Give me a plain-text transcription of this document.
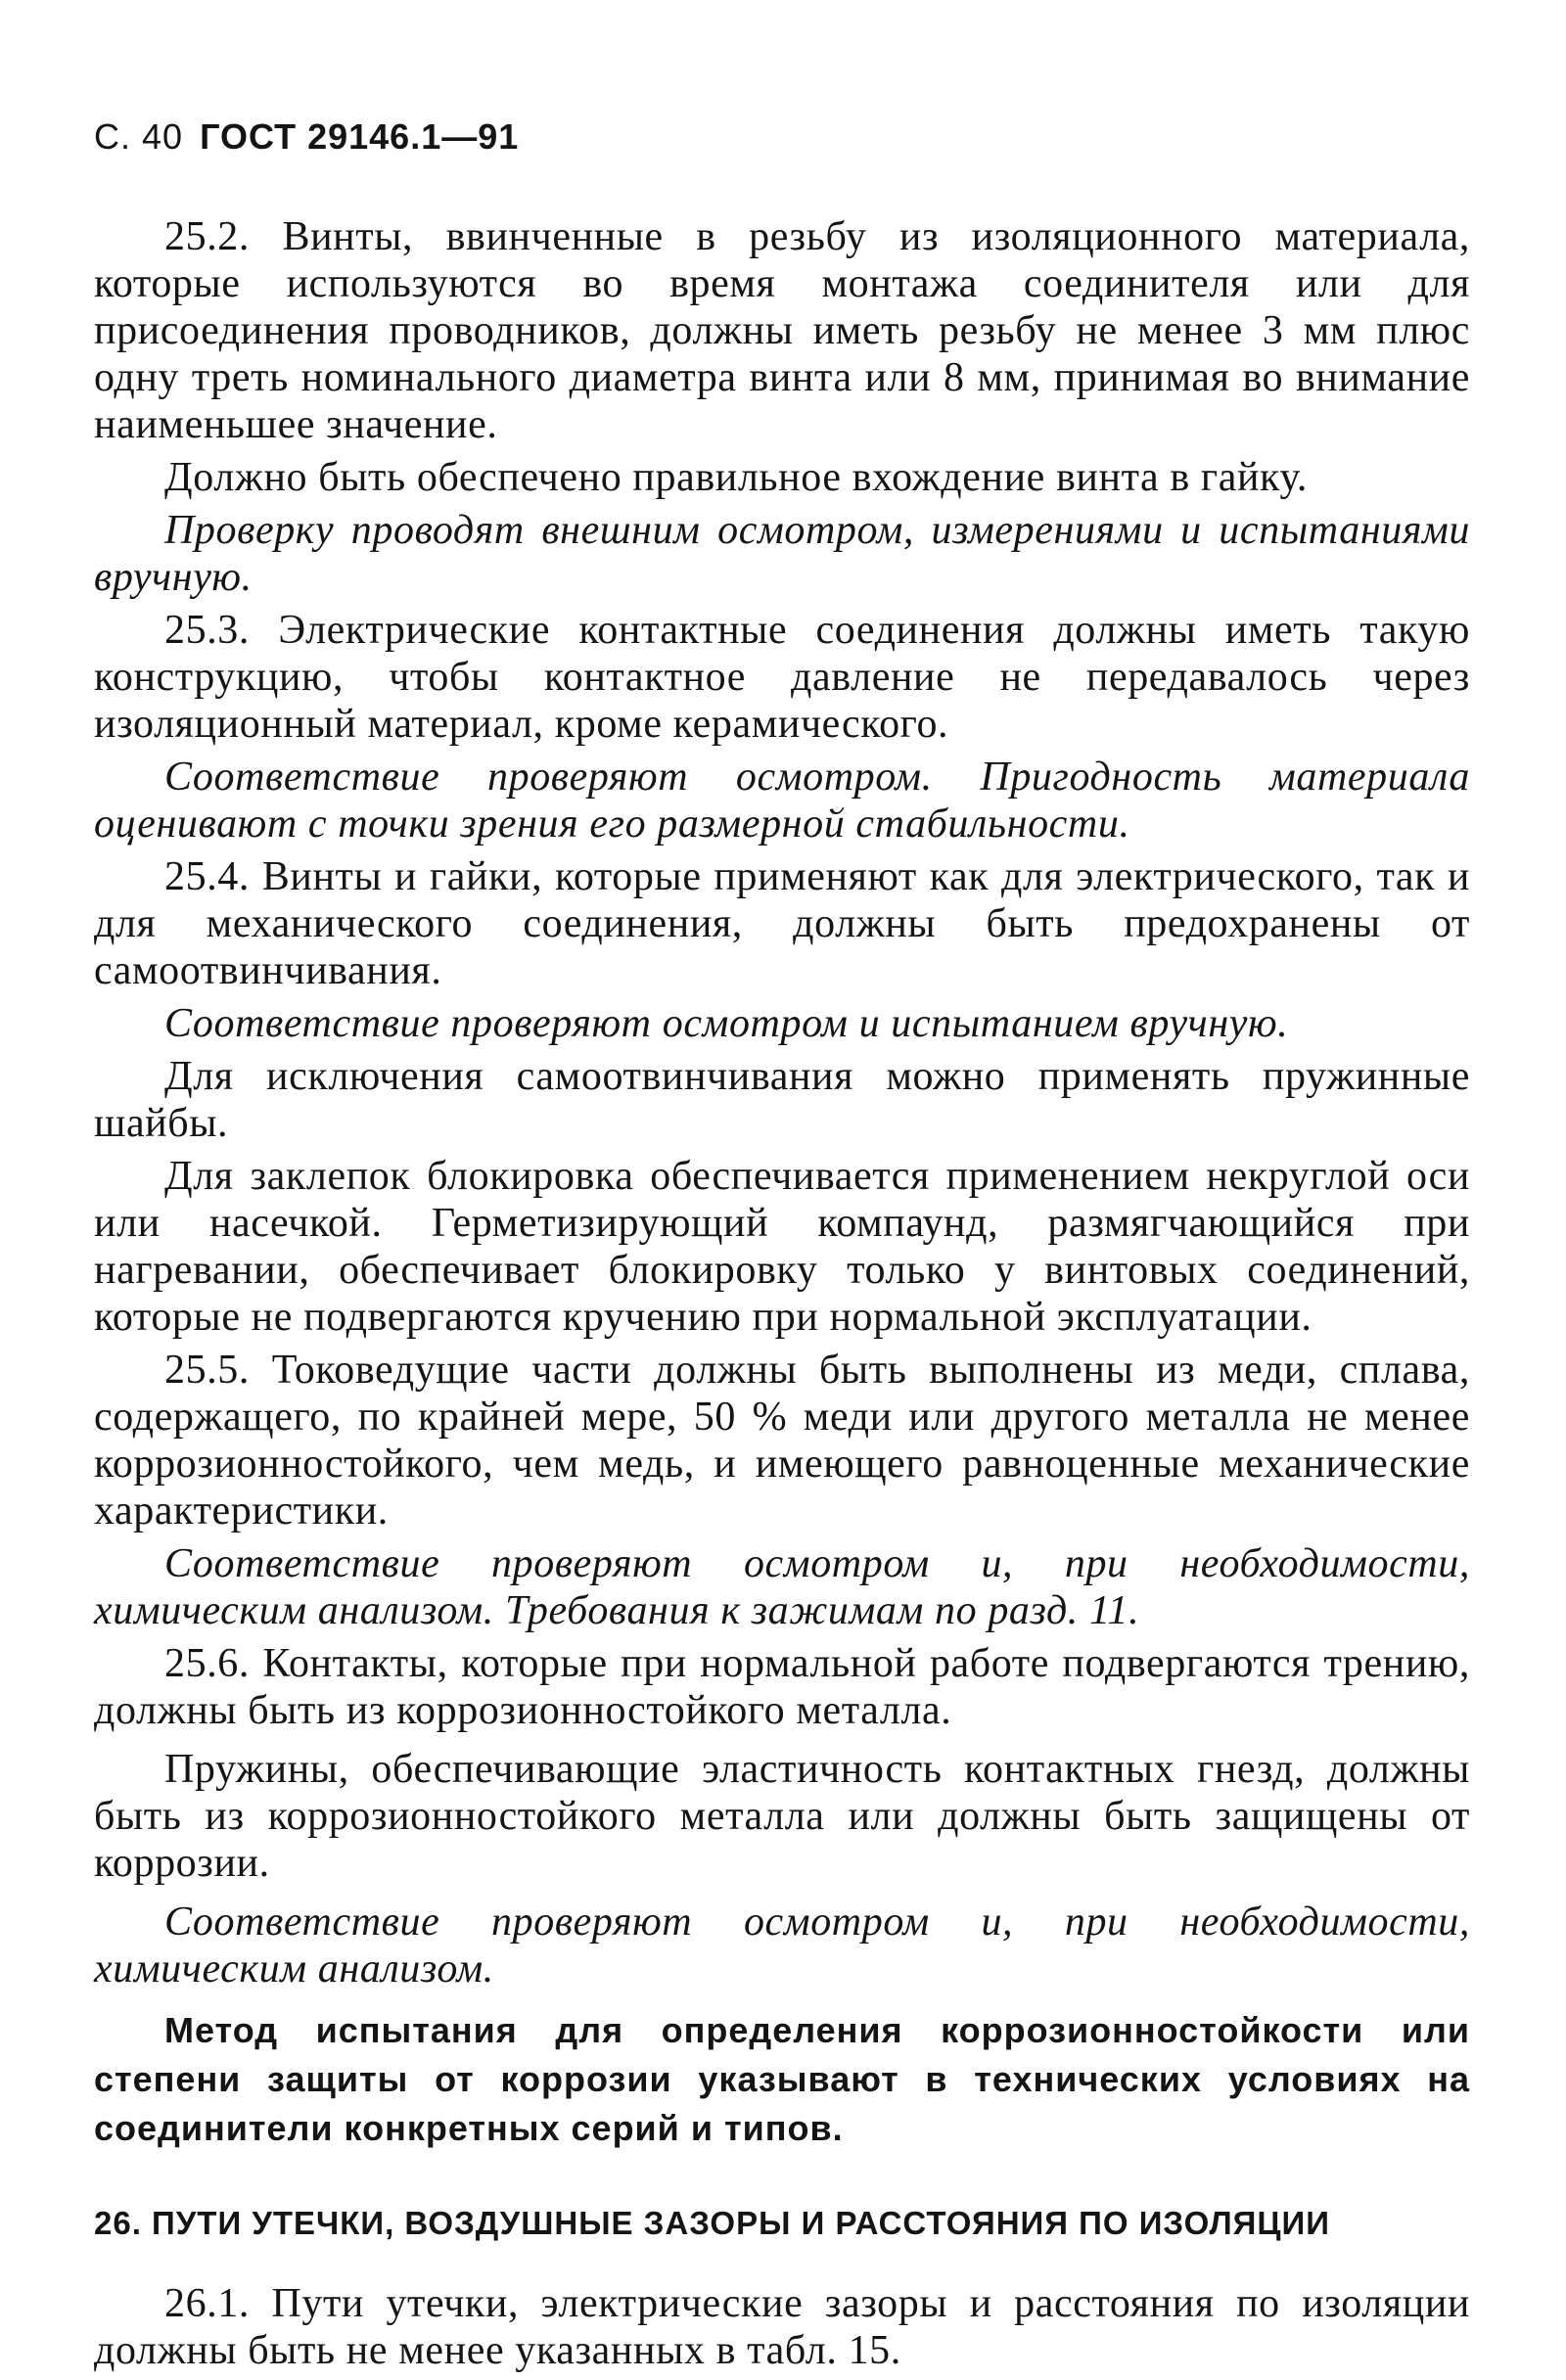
С. 40 ГОСТ 29146.1—91

25.2. Винты, ввинченные в резьбу из изоляционного материала, которые используются во время монтажа соединителя или для присоединения проводников, должны иметь резьбу не менее 3 мм плюс одну треть номинального диаметра винта или 8 мм, принимая во внимание наименьшее значение.

Должно быть обеспечено правильное вхождение винта в гайку.

Проверку проводят внешним осмотром, измерениями и испытаниями вручную.

25.3. Электрические контактные соединения должны иметь такую конструкцию, чтобы контактное давление не передавалось через изоляционный материал, кроме керамического.

Соответствие проверяют осмотром. Пригодность материала оценивают с точки зрения его размерной стабильности.

25.4. Винты и гайки, которые применяют как для электрического, так и для механического соединения, должны быть предохранены от самоотвинчивания.

Соответствие проверяют осмотром и испытанием вручную.

Для исключения самоотвинчивания можно применять пружинные шайбы.

Для заклепок блокировка обеспечивается применением некруглой оси или насечкой. Герметизирующий компаунд, размягчающийся при нагревании, обеспечивает блокировку только у винтовых соединений, которые не подвергаются кручению при нормальной эксплуатации.

25.5. Токоведущие части должны быть выполнены из меди, сплава, содержащего, по крайней мере, 50 % меди или другого металла не менее коррозионностойкого, чем медь, и имеющего равноценные механические характеристики.

Соответствие проверяют осмотром и, при необходимости, химическим анализом. Требования к зажимам по разд. 11.

25.6. Контакты, которые при нормальной работе подвергаются трению, должны быть из коррозионностойкого металла.

Пружины, обеспечивающие эластичность контактных гнезд, должны быть из коррозионностойкого металла или должны быть защищены от коррозии.

Соответствие проверяют осмотром и, при необходимости, химическим анализом.

Метод испытания для определения коррозионностойкости или степени защиты от коррозии указывают в технических условиях на соединители конкретных серий и типов.

26. ПУТИ УТЕЧКИ, ВОЗДУШНЫЕ ЗАЗОРЫ И РАССТОЯНИЯ ПО ИЗОЛЯЦИИ

26.1. Пути утечки, электрические зазоры и расстояния по изоляции должны быть не менее указанных в табл. 15.
